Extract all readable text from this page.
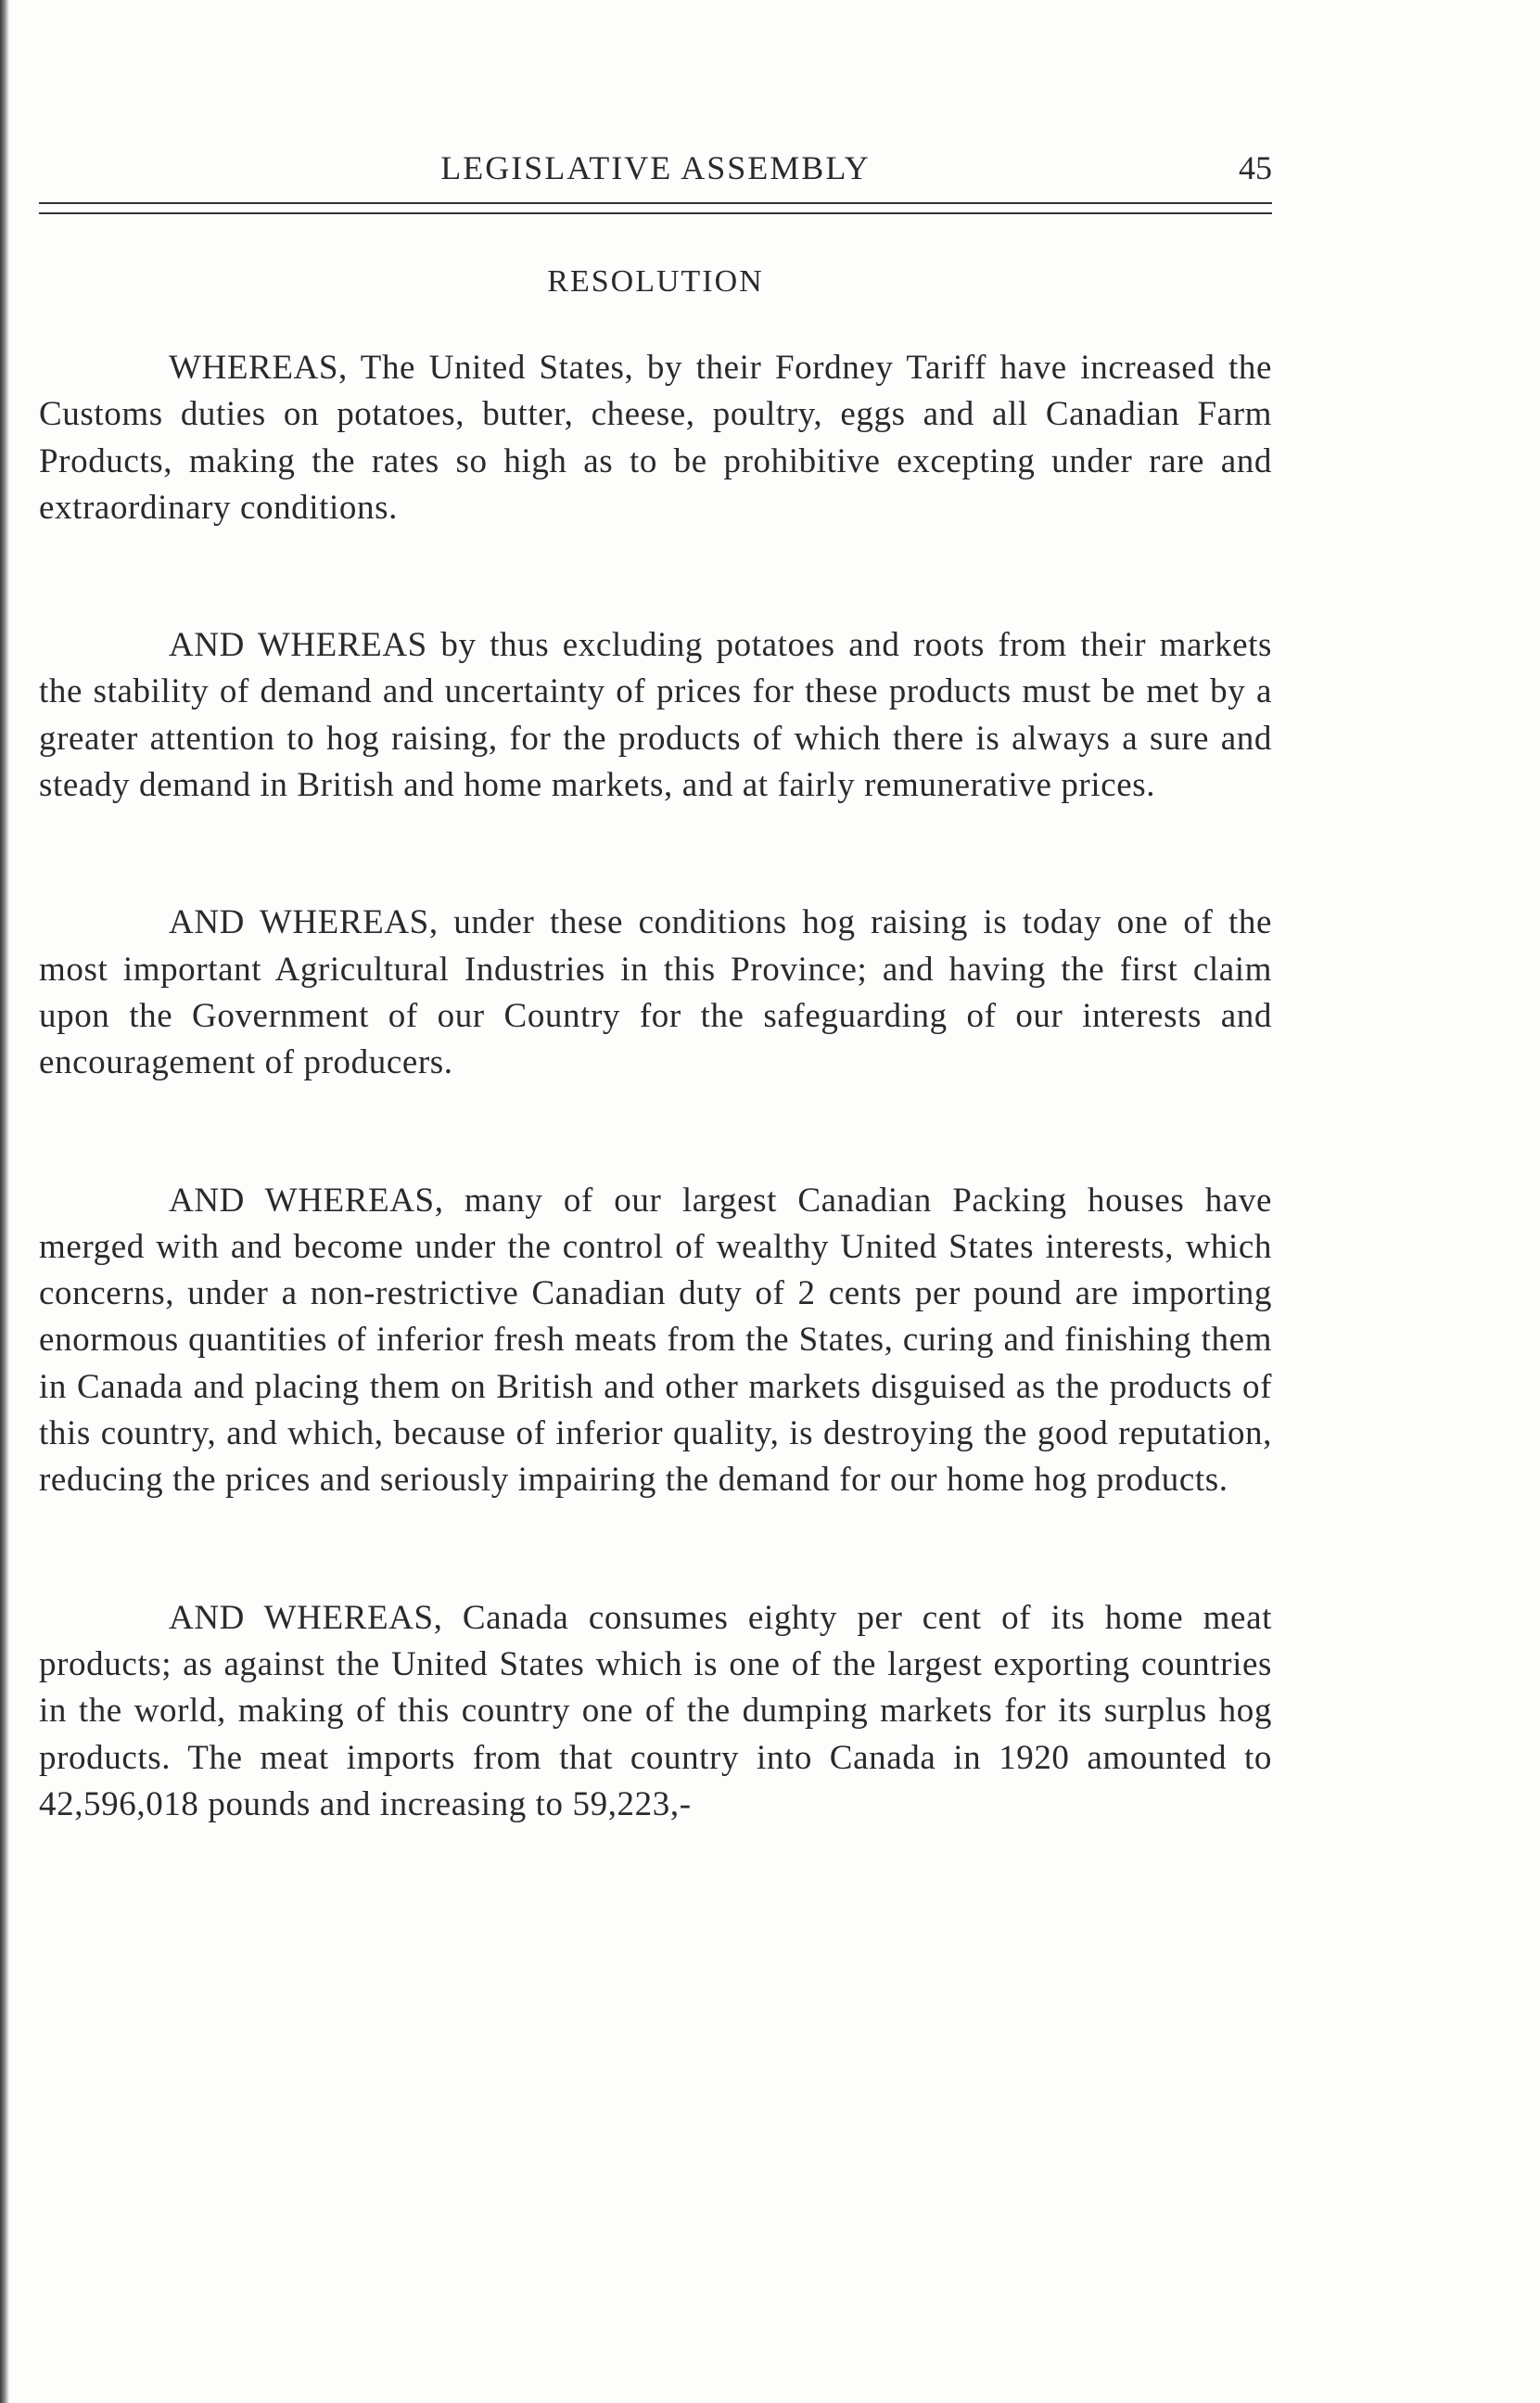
LEGISLATIVE ASSEMBLY	45
RESOLUTION

WHEREAS, The United States, by their Fordney Tariff have increased the Customs duties on potatoes, butter, cheese, poultry, eggs and all Canadian Farm Products, making the rates so high as to be prohibitive excepting under rare and extraordinary conditions.

AND WHEREAS by thus excluding potatoes and roots from their markets the stability of demand and uncertainty of prices for these products must be met by a greater attention to hog raising, for the products of which there is always a sure and steady demand in British and home markets, and at fairly remunerative prices.

AND WHEREAS, under these conditions hog raising is today one of the most important Agricultural Industries in this Province; and having the first claim upon the Government of our Country for the safeguarding of our interests and encouragement of producers.

AND WHEREAS, many of our largest Canadian Packing houses have merged with and become under the control of wealthy United States interests, which concerns, under a non-restrictive Canadian duty of 2 cents per pound are importing enormous quantities of inferior fresh meats from the States, curing and finishing them in Canada and placing them on British and other markets disguised as the products of this country, and which, because of inferior quality, is destroying the good reputation, reducing the prices and seriously impairing the demand for our home hog products.

AND WHEREAS, Canada consumes eighty per cent of its home meat products; as against the United States which is one of the largest exporting countries in the world, making of this country one of the dumping markets for its surplus hog products. The meat imports from that country into Canada in 1920 amounted to 42,596,018 pounds and increasing to 59,223,-
